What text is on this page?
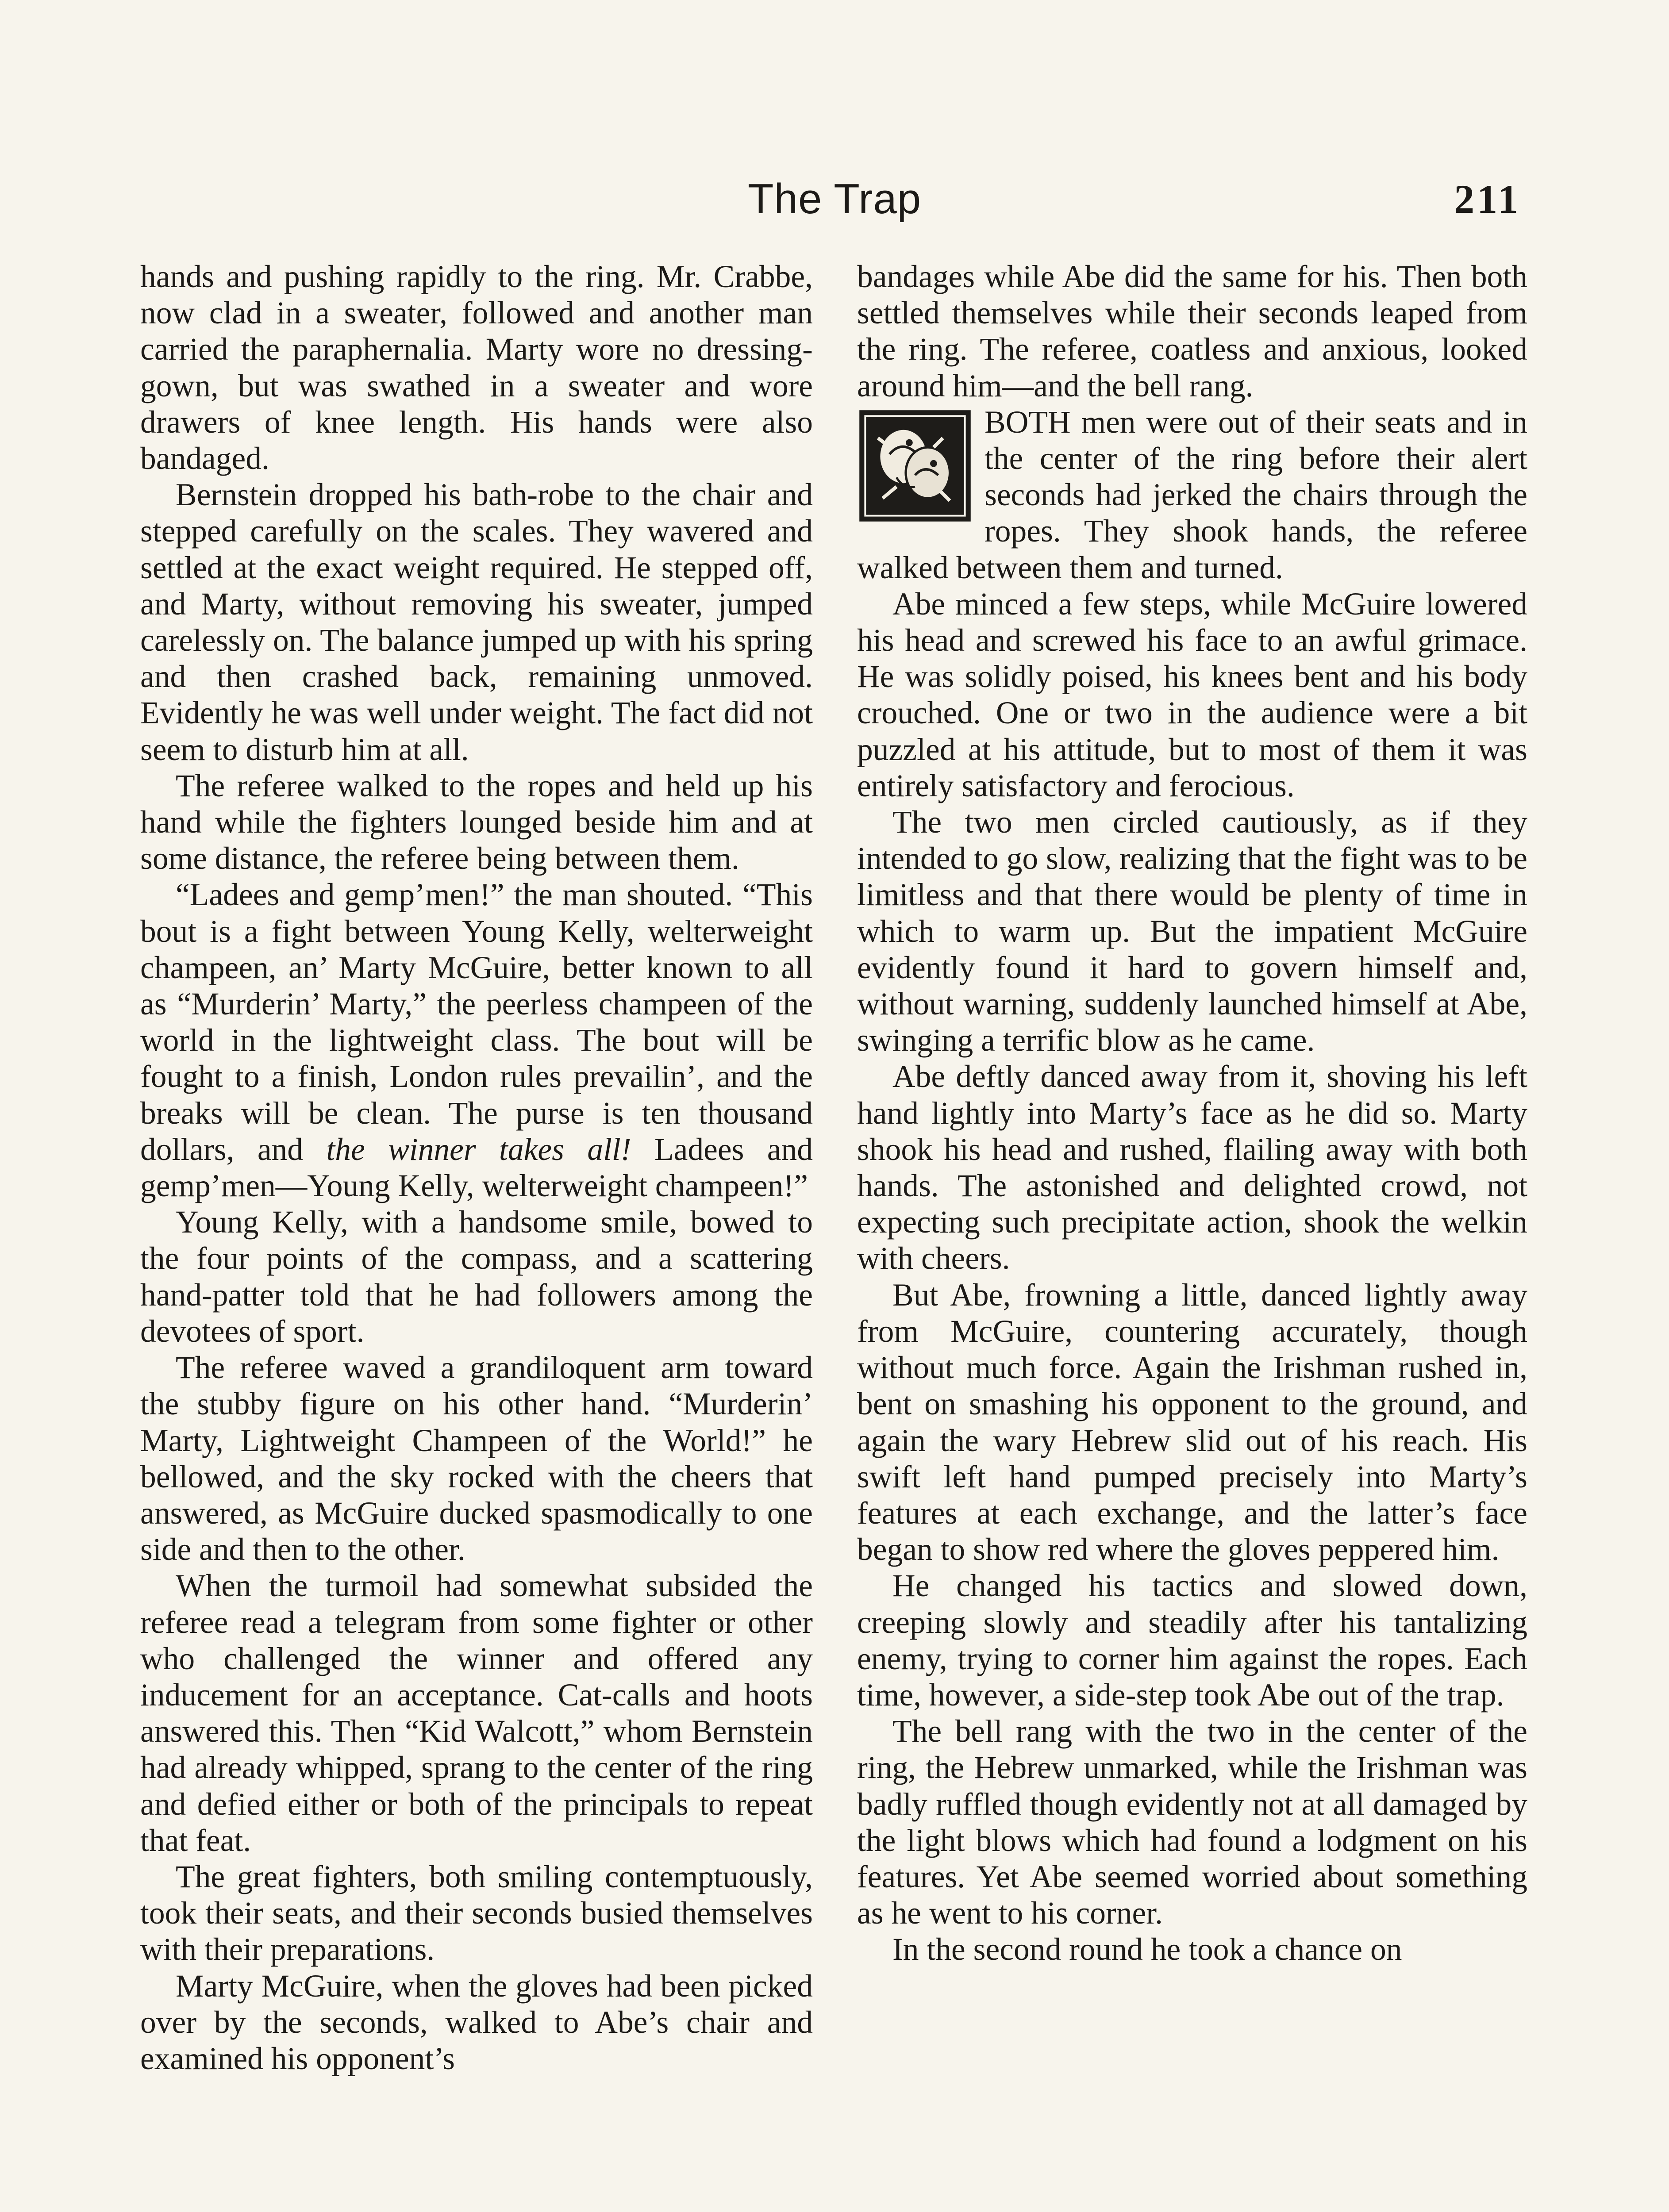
The Trap	211

hands and pushing rapidly to the ring. Mr. Crabbe, now clad in a sweater, followed and another man carried the paraphernalia. Marty wore no dressing-gown, but was swathed in a sweater and wore drawers of knee length. His hands were also bandaged.

Bernstein dropped his bath-robe to the chair and stepped carefully on the scales. They wavered and settled at the exact weight required. He stepped off, and Marty, without removing his sweater, jumped carelessly on. The balance jumped up with his spring and then crashed back, remaining unmoved. Evidently he was well under weight. The fact did not seem to disturb him at all.

The referee walked to the ropes and held up his hand while the fighters lounged beside him and at some distance, the referee being between them.

“Ladees and gemp’men!” the man shouted. “This bout is a fight between Young Kelly, welterweight champeen, an’ Marty McGuire, better known to all as “Murderin’ Marty,” the peerless champeen of the world in the lightweight class. The bout will be fought to a finish, London rules prevailin’, and the breaks will be clean. The purse is ten thousand dollars, and the winner takes all! Ladees and gemp’men—Young Kelly, welterweight champeen!”

Young Kelly, with a handsome smile, bowed to the four points of the compass, and a scattering hand-patter told that he had followers among the devotees of sport.

The referee waved a grandiloquent arm toward the stubby figure on his other hand. “Murderin’ Marty, Lightweight Champeen of the World!” he bellowed, and the sky rocked with the cheers that answered, as McGuire ducked spasmodically to one side and then to the other.

When the turmoil had somewhat subsided the referee read a telegram from some fighter or other who challenged the winner and offered any inducement for an acceptance. Cat-calls and hoots answered this. Then “Kid Walcott,” whom Bernstein had already whipped, sprang to the center of the ring and defied either or both of the principals to repeat that feat.

The great fighters, both smiling contemptuously, took their seats, and their seconds busied themselves with their preparations.

Marty McGuire, when the gloves had been picked over by the seconds, walked to Abe’s chair and examined his opponent’s

bandages while Abe did the same for his. Then both settled themselves while their seconds leaped from the ring. The referee, coatless and anxious, looked around him—and the bell rang.

BOTH men were out of their seats and in the center of the ring before their alert seconds had jerked the chairs through the ropes. They shook hands, the referee walked between them and turned.

Abe minced a few steps, while McGuire lowered his head and screwed his face to an awful grimace. He was solidly poised, his knees bent and his body crouched. One or two in the audience were a bit puzzled at his attitude, but to most of them it was entirely satisfactory and ferocious.

The two men circled cautiously, as if they intended to go slow, realizing that the fight was to be limitless and that there would be plenty of time in which to warm up. But the impatient McGuire evidently found it hard to govern himself and, without warning, suddenly launched himself at Abe, swinging a terrific blow as he came.

Abe deftly danced away from it, shoving his left hand lightly into Marty’s face as he did so. Marty shook his head and rushed, flailing away with both hands. The astonished and delighted crowd, not expecting such precipitate action, shook the welkin with cheers.

But Abe, frowning a little, danced lightly away from McGuire, countering accurately, though without much force. Again the Irishman rushed in, bent on smashing his opponent to the ground, and again the wary Hebrew slid out of his reach. His swift left hand pumped precisely into Marty’s features at each exchange, and the latter’s face began to show red where the gloves peppered him.

He changed his tactics and slowed down, creeping slowly and steadily after his tantalizing enemy, trying to corner him against the ropes. Each time, however, a side-step took Abe out of the trap.

The bell rang with the two in the center of the ring, the Hebrew unmarked, while the Irishman was badly ruffled though evidently not at all damaged by the light blows which had found a lodgment on his features. Yet Abe seemed worried about something as he went to his corner.

In the second round he took a chance on
